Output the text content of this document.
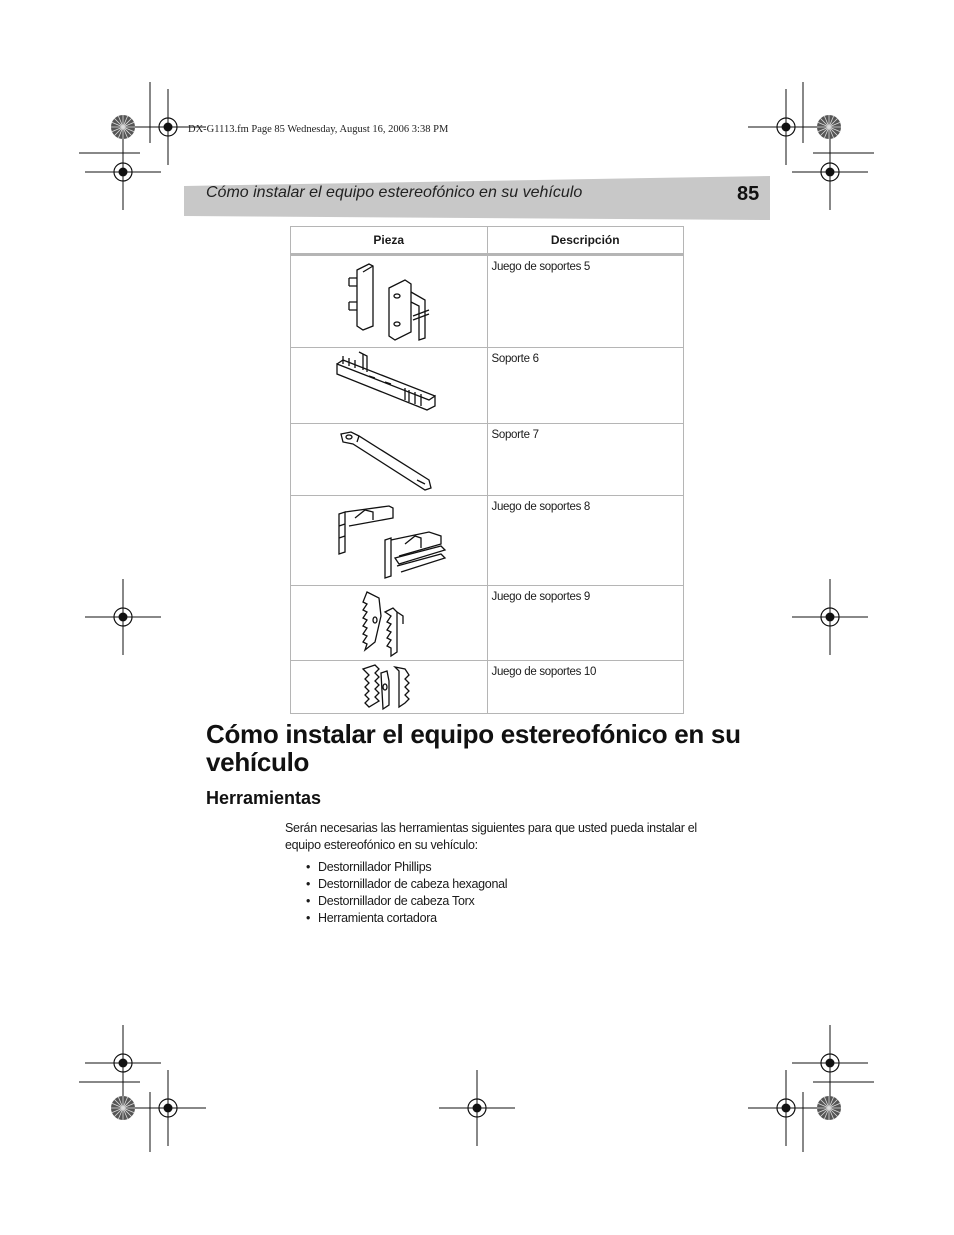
DX-G1113.fm Page 85 Wednesday, August 16, 2006 3:38 PM
Cómo instalar el equipo estereofónico en su vehículo	85
Pieza	Descripción

	Juego de soportes 5

	Soporte 6

	Soporte 7

	Juego de soportes 8

	Juego de soportes 9

	Juego de soportes 10
Cómo instalar el equipo estereofónico en su vehículo
Herramientas

Serán necesarias las herramientas siguientes para que usted pueda instalar el equipo estereofónico en su vehículo:

• Destornillador Phillips
• Destornillador de cabeza hexagonal
• Destornillador de cabeza Torx
• Herramienta cortadora
